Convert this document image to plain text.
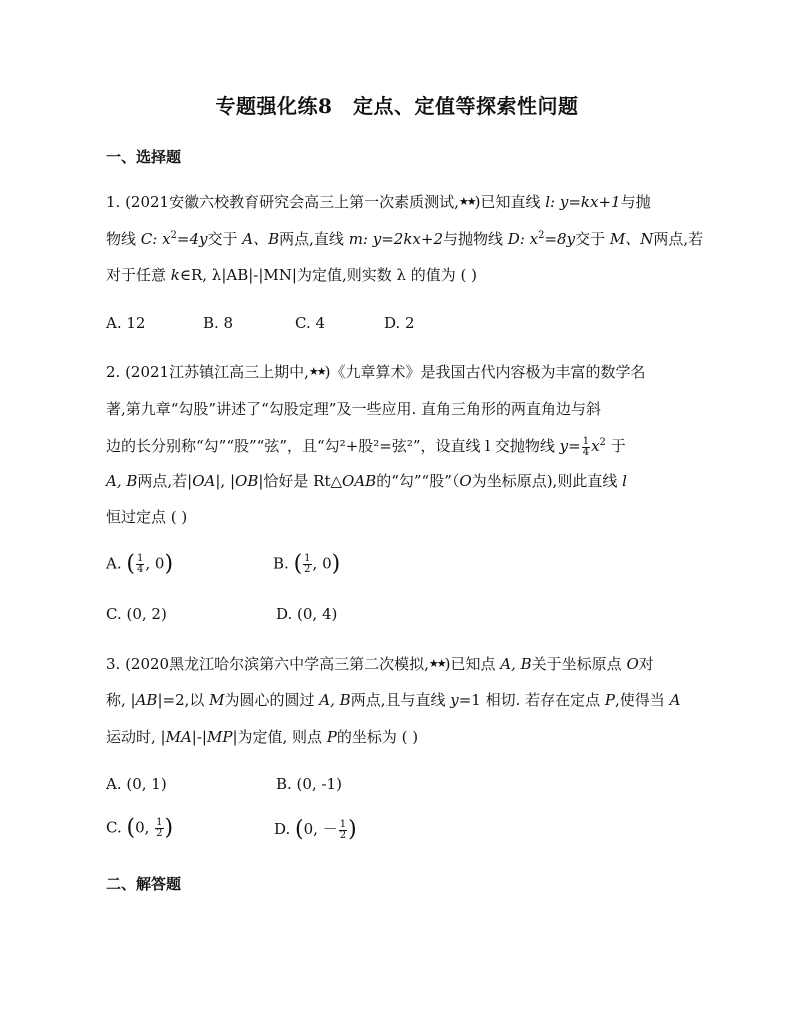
专题强化练8　定点、定值等探索性问题
一、选择题
1. (2021安徽六校教育研究会高三上第一次素质测试,★★)已知直线 l: y=kx+1与抛
物线 C: $x^2=4y$交于 A、B两点,直线 m: y=2kx+2与抛物线 D: $x^2=8y$交于 M、N两点,若
对于任意 k∈R, λ|AB|-|MN|为定值,则实数 λ 的值为 ( )
A. 12	B. 8	C. 4	D. 2
2. (2021江苏镇江高三上期中,★★)《九章算术》是我国古代内容极为丰富的数学名
著,第九章“勾股”讲述了“勾股定理”及一些应用. 直角三角形的两直角边与斜
边的长分别称“勾”“股”“弦”，且“勾²+股²=弦²”，设直线 l 交抛物线 $y= \frac{1}{4} x^2$ 于
A, B两点,若|OA|, |OB|恰好是 Rt△OAB的“勾”“股”（O为坐标原点),则此直线 l
恒过定点 ( )
A. ( $\frac{1}{4}$ , 0)	B. ( $\frac{1}{2}$ , 0)
C. (0, 2)	D. (0, 4)
3. (2020黑龙江哈尔滨第六中学高三第二次模拟,★★)已知点 A, B关于坐标原点 O对
称, |AB|=2,以 M为圆心的圆过 A, B两点,且与直线 y=1 相切. 若存在定点 P,使得当 A
运动时, |MA|-|MP|为定值, 则点 P的坐标为 ( )
A. (0, 1)	B. (0, -1)
C. (0, $\frac{1}{2}$ )	D. (0, － $\frac{1}{2}$ )
二、解答题
